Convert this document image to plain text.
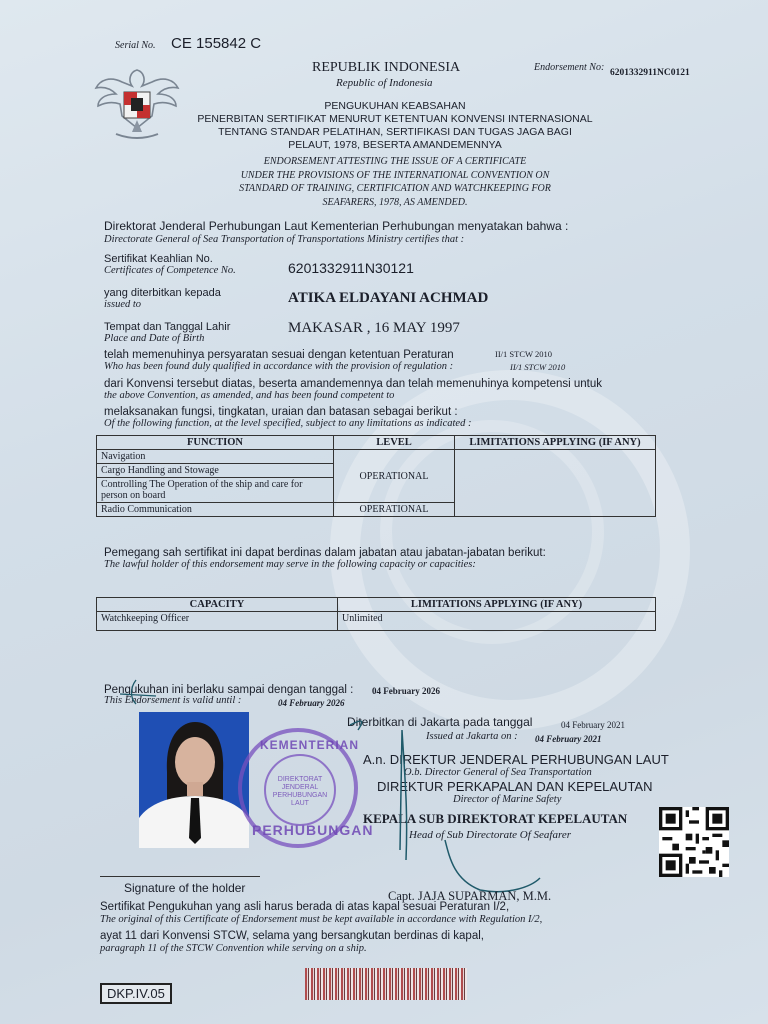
Serial No. CE 155842 C
REPUBLIK INDONESIA
Republic of Indonesia
Endorsement No: 6201332911NC0121
PENGUKUHAN KEABSAHAN
PENERBITAN SERTIFIKAT MENURUT KETENTUAN KONVENSI INTERNASIONAL
TENTANG STANDAR PELATIHAN, SERTIFIKASI DAN TUGAS JAGA BAGI
PELAUT, 1978, BESERTA AMANDEMENNYA
ENDORSEMENT ATTESTING THE ISSUE OF A CERTIFICATE
UNDER THE PROVISIONS OF THE INTERNATIONAL CONVENTION ON
STANDARD OF TRAINING, CERTIFICATION AND WATCHKEEPING FOR
SEAFARERS, 1978, AS AMENDED.
Direktorat Jenderal Perhubungan Laut Kementerian Perhubungan menyatakan bahwa :
Directorate General of Sea Transportation of Transportations Ministry certifies that :
Sertifikat Keahlian No.
Certificates of Competence No.	6201332911N30121
yang diterbitkan kepada
issued to	ATIKA ELDAYANI ACHMAD
Tempat dan Tanggal Lahir
Place and Date of Birth
MAKASAR , 16 MAY 1997
telah memenuhinya persyaratan sesuai dengan ketentuan Peraturan	II/1 STCW 2010
Who has been found duly qualified in accordance with the provision of regulation :	II/1 STCW 2010
dari Konvensi tersebut diatas, beserta amandemennya dan telah memenuhinya kompetensi untuk
the above Convention, as amended, and has been found competent to
melaksanakan fungsi, tingkatan, uraian dan batasan sebagai berikut :
Of the following function, at the level specified, subject to any limitations as indicated :
FUNCTION	LEVEL	LIMITATIONS APPLYING (IF ANY)
Navigation	OPERATIONAL	
Cargo Handling and Stowage		
Controlling The Operation of the ship and care for person on board		
Radio Communication	OPERATIONAL	
Pemegang sah sertifikat ini dapat berdinas dalam jabatan atau jabatan-jabatan berikut:
The lawful holder of this endorsement may serve in the following capacity or capacities:
CAPACITY	LIMITATIONS APPLYING (IF ANY)
Watchkeeping Officer	Unlimited
Pengukuhan ini berlaku sampai dengan tanggal : 04 February 2026
This Endorsement is valid until :	04 February 2026
Diterbitkan di Jakarta pada tanggal	04 February 2021
Issued at Jakarta on : 04 February 2021
KEMENTERIAN
DIREKTORAT JENDERAL PERHUBUNGAN LAUT
PERHUBUNGAN
A.n. DIREKTUR JENDERAL PERHUBUNGAN LAUT
O.b. Director General of Sea Transportation
DIREKTUR PERKAPALAN DAN KEPELAUTAN
Director of Marine Safety
KEPALA SUB DIREKTORAT KEPELAUTAN
Head of Sub Directorate Of Seafarer
Signature of the holder
Capt. JAJA SUPARMAN, M.M.
Sertifikat Pengukuhan yang asli harus berada di atas kapal sesuai Peraturan I/2,
The original of this Certificate of Endorsement must be kept available in accordance with Regulation I/2,
ayat 11 dari Konvensi STCW, selama yang bersangkutan berdinas di kapal,
paragraph 11 of the STCW Convention while serving on a ship.
DKP.IV.05
